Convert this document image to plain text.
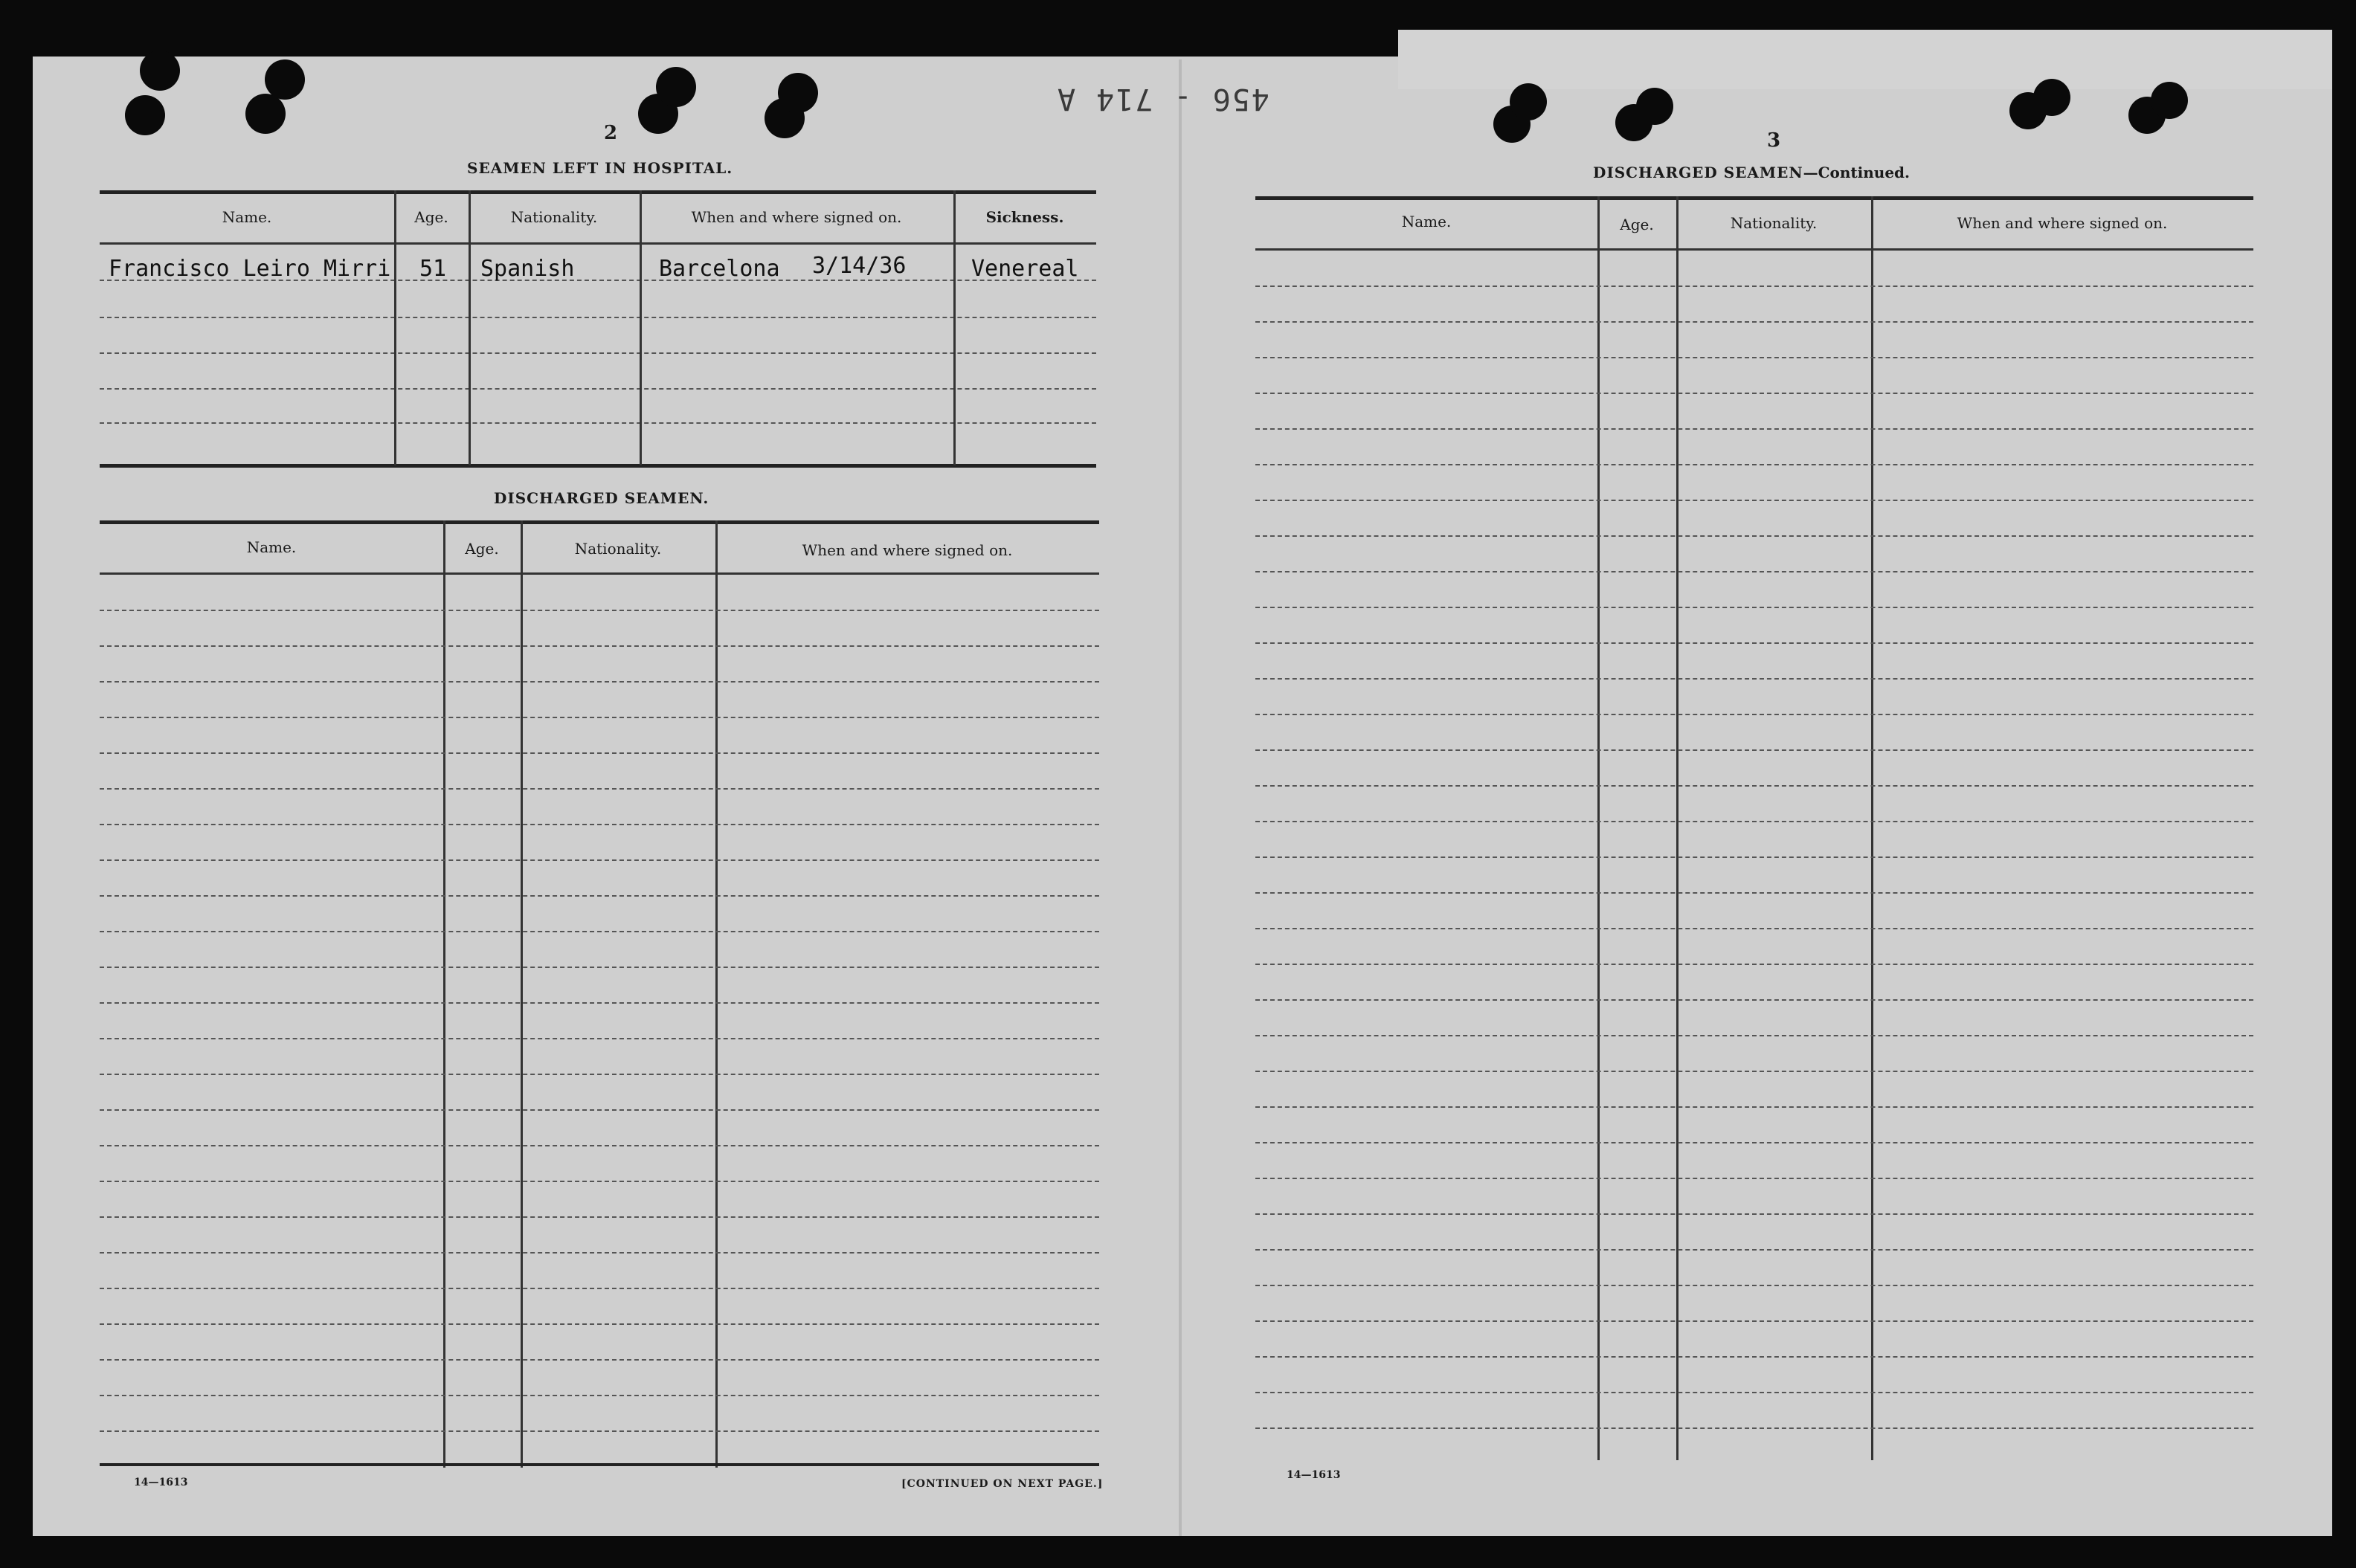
456 - 714 A
2
SEAMEN LEFT IN HOSPITAL.
Name.	Age.	Nationality.	When and where signed on.	Sickness.
Francisco Leiro Mirri 51 Spanish	Barcelona 3/14/36	Venereal
DISCHARGED SEAMEN.
Name.	Age.	Nationality.	When and where signed on.
14—1613	[CONTINUED ON NEXT PAGE.]
3
DISCHARGED SEAMEN—Continued.
Name.	Age.	Nationality.	When and where signed on.
14—1613
